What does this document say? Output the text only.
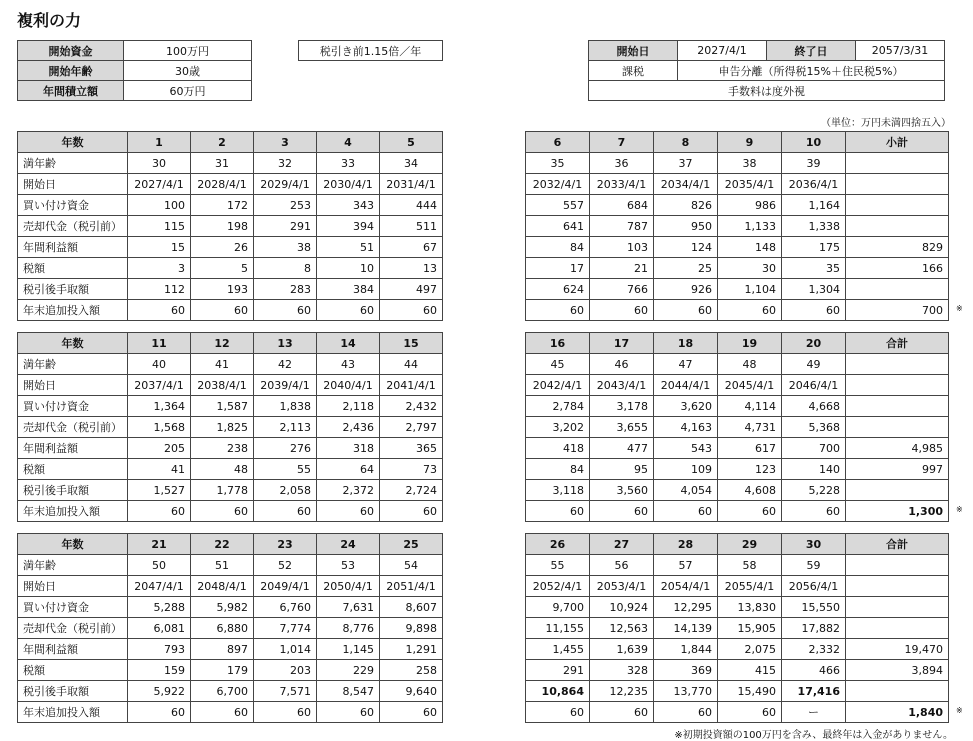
複利の力
開始資金	100万円
開始年齢	30歳
年間積立額	60万円
税引き前1.15倍／年	開始日	2027/4/1	終了日	2057/3/31
課税	申告分離（所得税15%＋住民税5%）		
手数料は度外視			
（単位：万円未満四捨五入）
年数	1	2	3	4	5
満年齢	30	31	32	33	34
開始日	2027/4/1	2028/4/1	2029/4/1	2030/4/1	2031/4/1
買い付け資金	100	172	253	343	444
売却代金（税引前）	115	198	291	394	511
年間利益額	15	26	38	51	67
税額	3	5	8	10	13
税引後手取額	112	193	283	384	497
年末追加投入額	60	60	60	60	60
6	7	8	9	10	小計
35	36	37	38	39	
2032/4/1	2033/4/1	2034/4/1	2035/4/1	2036/4/1	
557	684	826	986	1,164	
641	787	950	1,133	1,338	
84	103	124	148	175	829
17	21	25	30	35	166
624	766	926	1,104	1,304	
60	60	60	60	60	700 ※
年数	11	12	13	14	15
満年齢	40	41	42	43	44
開始日	2037/4/1	2038/4/1	2039/4/1	2040/4/1	2041/4/1
買い付け資金	1,364	1,587	1,838	2,118	2,432
売却代金（税引前）	1,568	1,825	2,113	2,436	2,797
年間利益額	205	238	276	318	365
税額	41	48	55	64	73
税引後手取額	1,527	1,778	2,058	2,372	2,724
年末追加投入額	60	60	60	60	60
16	17	18	19	20	合計
45	46	47	48	49	
2042/4/1	2043/4/1	2044/4/1	2045/4/1	2046/4/1	
2,784	3,178	3,620	4,114	4,668	
3,202	3,655	4,163	4,731	5,368	
418	477	543	617	700	4,985
84	95	109	123	140	997
3,118	3,560	4,054	4,608	5,228	
60	60	60	60	60	1,300 ※
年数	21	22	23	24	25
満年齢	50	51	52	53	54
開始日	2047/4/1	2048/4/1	2049/4/1	2050/4/1	2051/4/1
買い付け資金	5,288	5,982	6,760	7,631	8,607
売却代金（税引前）	6,081	6,880	7,774	8,776	9,898
年間利益額	793	897	1,014	1,145	1,291
税額	159	179	203	229	258
税引後手取額	5,922	6,700	7,571	8,547	9,640
年末追加投入額	60	60	60	60	60
26	27	28	29	30	合計
55	56	57	58	59	
2052/4/1	2053/4/1	2054/4/1	2055/4/1	2056/4/1	
9,700	10,924	12,295	13,830	15,550	
11,155	12,563	14,139	15,905	17,882	
1,455	1,639	1,844	2,075	2,332	19,470
291	328	369	415	466	3,894
10,864	12,235	13,770	15,490	17,416	
60	60	60	60	ー	1,840 ※
※初期投資額の100万円を含み、最終年は入金がありません。
